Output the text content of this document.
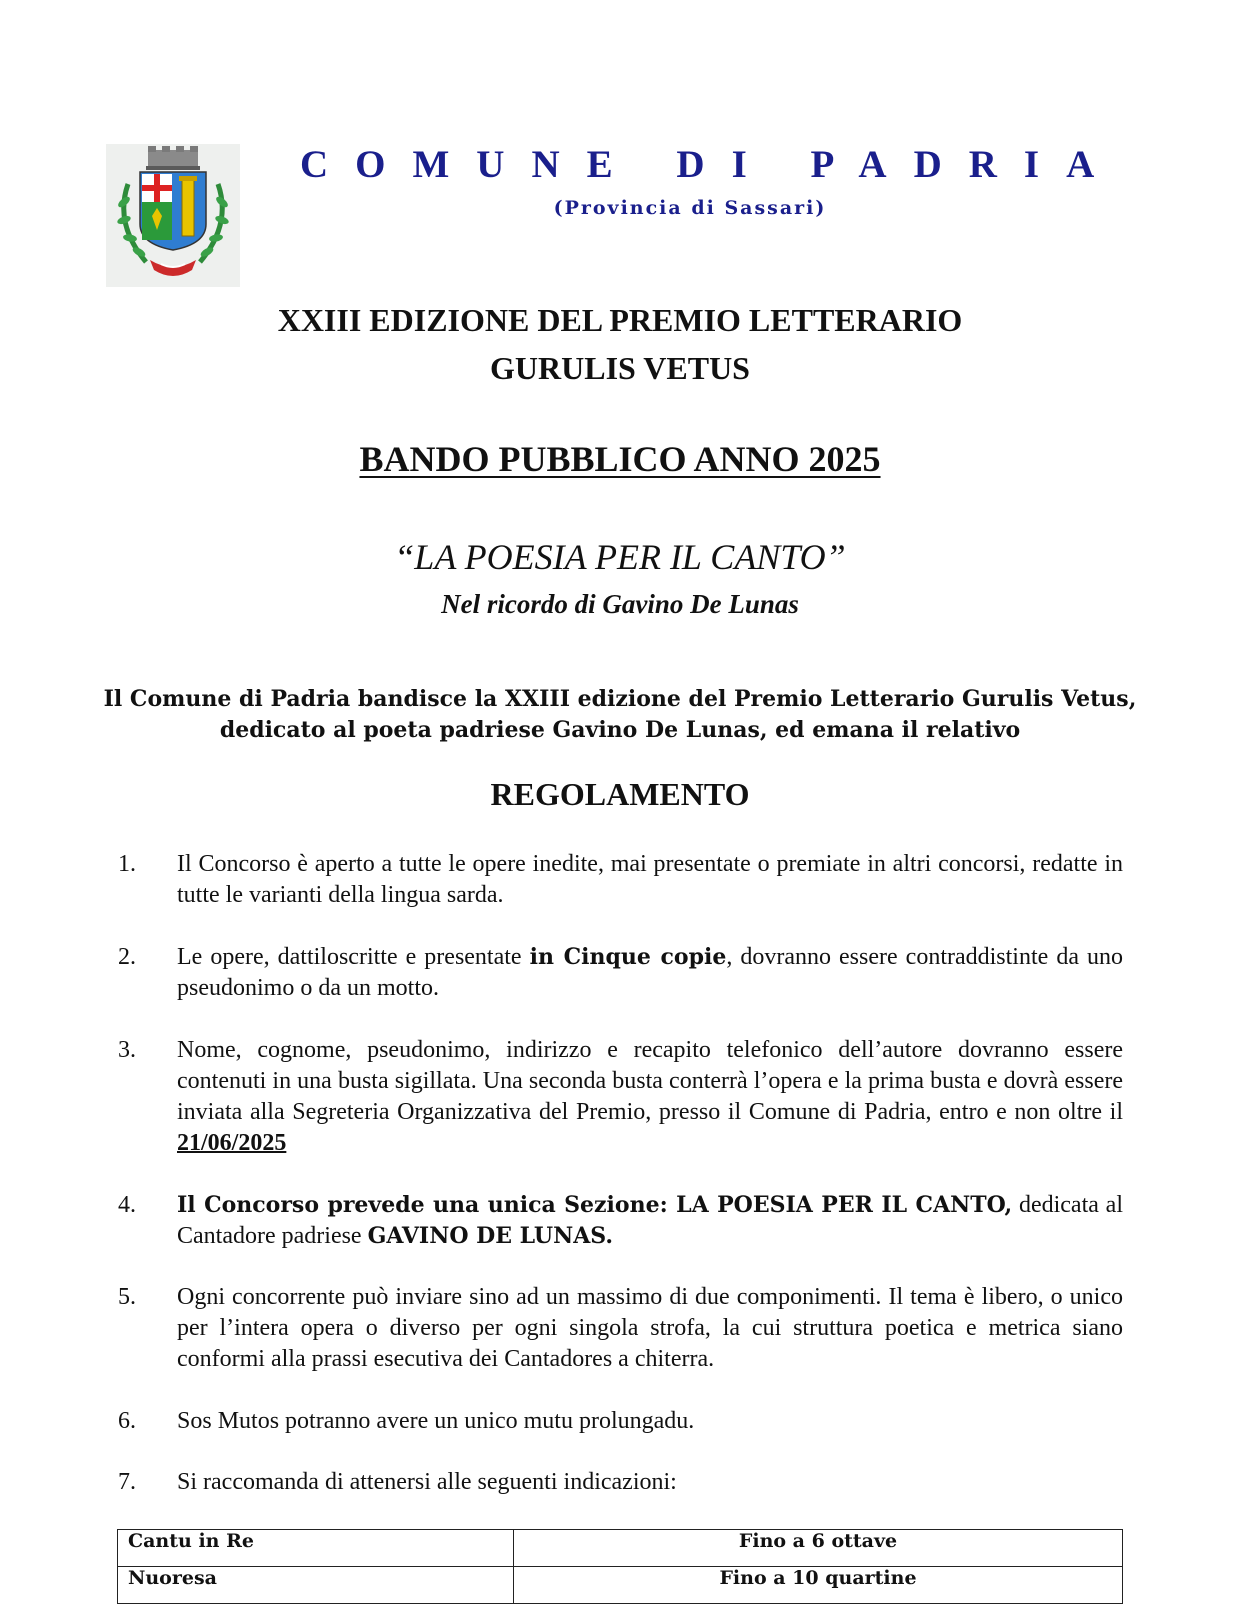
COMUNE DI PADRIA
(Provincia di Sassari)
XXIII EDIZIONE DEL PREMIO LETTERARIO
GURULIS VETUS
BANDO PUBBLICO ANNO 2025
“LA POESIA PER IL CANTO”
Nel ricordo di Gavino De Lunas
Il Comune di Padria bandisce la XXIII edizione del Premio Letterario Gurulis Vetus,
dedicato al poeta padriese Gavino De Lunas, ed emana il relativo
REGOLAMENTO
1.	Il Concorso è aperto a tutte le opere inedite, mai presentate o premiate in altri concorsi, redatte in tutte le varianti della lingua sarda.
2.	Le opere, dattiloscritte e presentate in Cinque copie, dovranno essere contraddistinte da uno pseudonimo o da un motto.
3.	Nome, cognome, pseudonimo, indirizzo e recapito telefonico dell’autore dovranno essere contenuti in una busta sigillata. Una seconda busta conterrà l’opera e la prima busta e dovrà essere inviata alla Segreteria Organizzativa del Premio, presso il Comune di Padria, entro e non oltre il 21/06/2025
4.	Il Concorso prevede una unica Sezione: LA POESIA PER IL CANTO, dedicata al Cantadore padriese GAVINO DE LUNAS.
5.	Ogni concorrente può inviare sino ad un massimo di due componimenti. Il tema è libero, o unico per l’intera opera o diverso per ogni singola strofa, la cui struttura poetica e metrica siano conformi alla prassi esecutiva dei Cantadores a chiterra.
6.	Sos Mutos potranno avere un unico mutu prolungadu.
7.	Si raccomanda di attenersi alle seguenti indicazioni:
Cantu in Re	Fino a 6 ottave
Nuoresa	Fino a 10 quartine
